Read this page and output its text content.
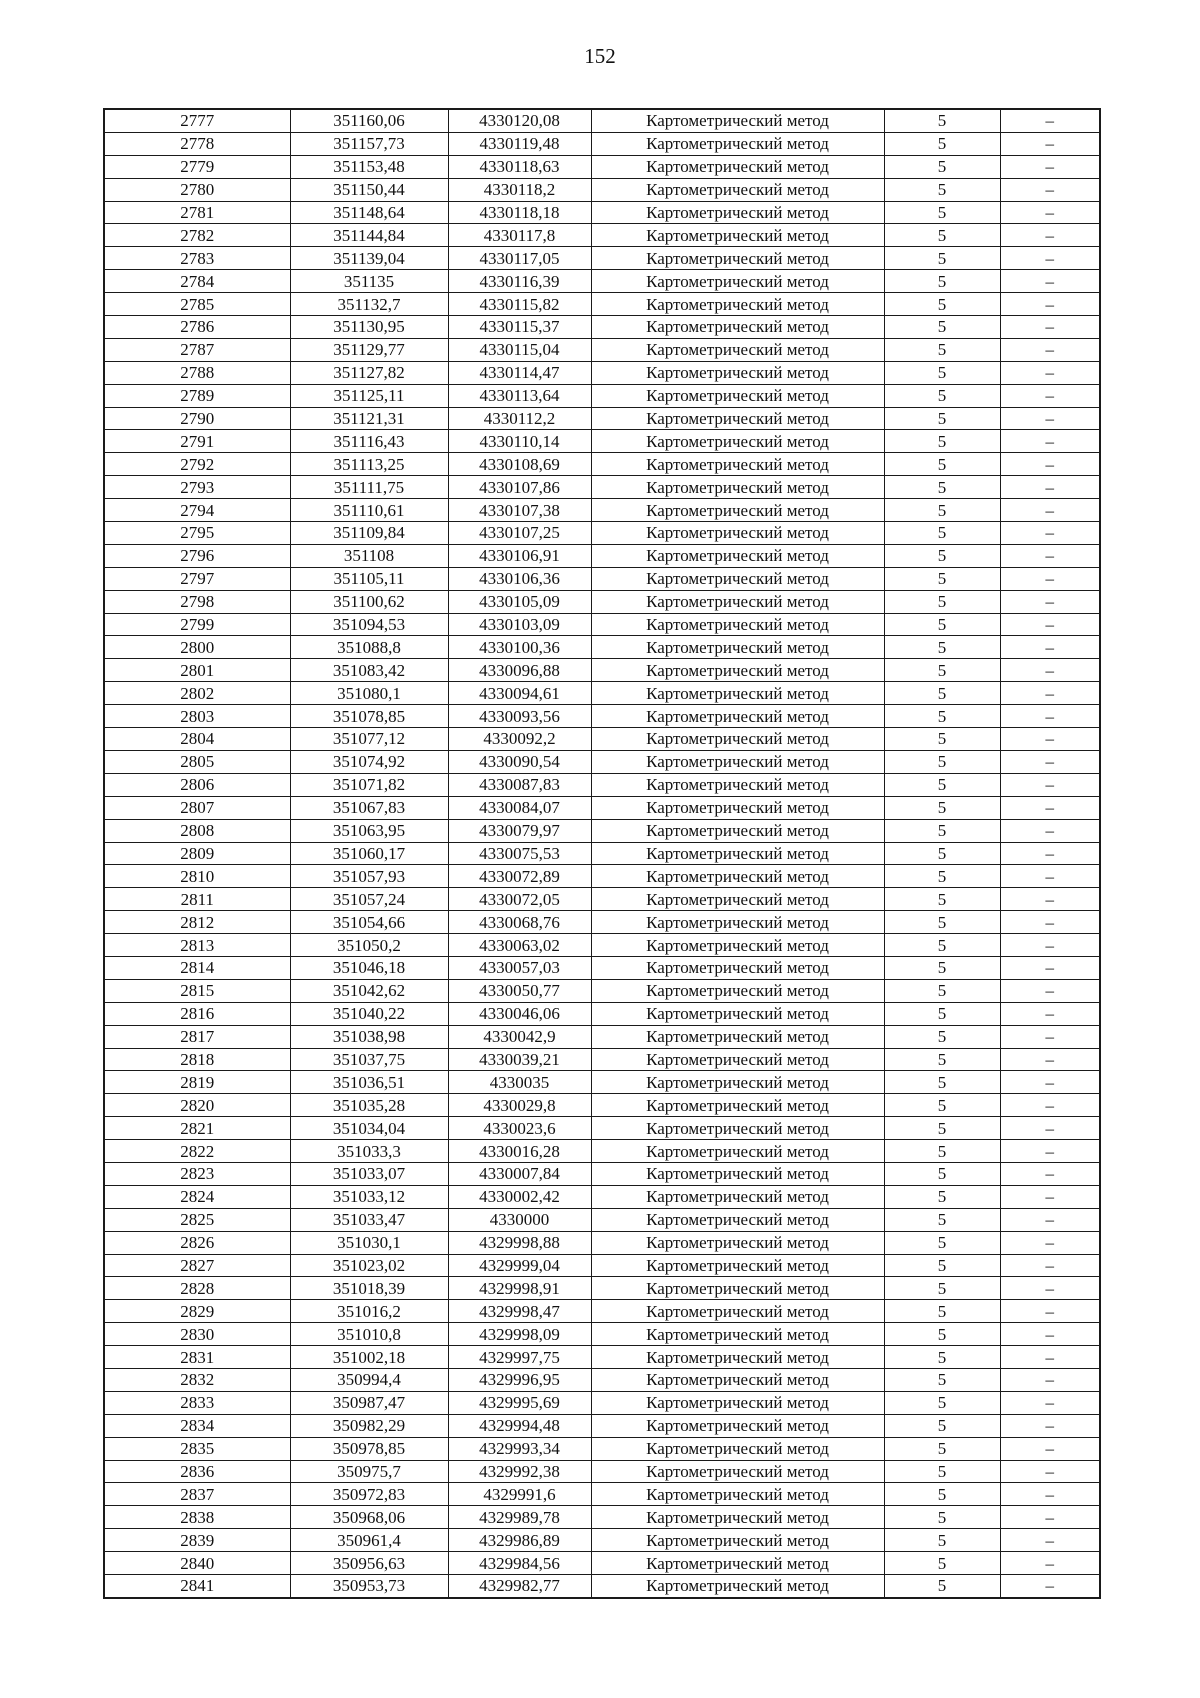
152
2777	351160,06	4330120,08	Картометрический метод	5	–
2778	351157,73	4330119,48	Картометрический метод	5	–
2779	351153,48	4330118,63	Картометрический метод	5	–
2780	351150,44	4330118,2	Картометрический метод	5	–
2781	351148,64	4330118,18	Картометрический метод	5	–
2782	351144,84	4330117,8	Картометрический метод	5	–
2783	351139,04	4330117,05	Картометрический метод	5	–
2784	351135	4330116,39	Картометрический метод	5	–
2785	351132,7	4330115,82	Картометрический метод	5	–
2786	351130,95	4330115,37	Картометрический метод	5	–
2787	351129,77	4330115,04	Картометрический метод	5	–
2788	351127,82	4330114,47	Картометрический метод	5	–
2789	351125,11	4330113,64	Картометрический метод	5	–
2790	351121,31	4330112,2	Картометрический метод	5	–
2791	351116,43	4330110,14	Картометрический метод	5	–
2792	351113,25	4330108,69	Картометрический метод	5	–
2793	351111,75	4330107,86	Картометрический метод	5	–
2794	351110,61	4330107,38	Картометрический метод	5	–
2795	351109,84	4330107,25	Картометрический метод	5	–
2796	351108	4330106,91	Картометрический метод	5	–
2797	351105,11	4330106,36	Картометрический метод	5	–
2798	351100,62	4330105,09	Картометрический метод	5	–
2799	351094,53	4330103,09	Картометрический метод	5	–
2800	351088,8	4330100,36	Картометрический метод	5	–
2801	351083,42	4330096,88	Картометрический метод	5	–
2802	351080,1	4330094,61	Картометрический метод	5	–
2803	351078,85	4330093,56	Картометрический метод	5	–
2804	351077,12	4330092,2	Картометрический метод	5	–
2805	351074,92	4330090,54	Картометрический метод	5	–
2806	351071,82	4330087,83	Картометрический метод	5	–
2807	351067,83	4330084,07	Картометрический метод	5	–
2808	351063,95	4330079,97	Картометрический метод	5	–
2809	351060,17	4330075,53	Картометрический метод	5	–
2810	351057,93	4330072,89	Картометрический метод	5	–
2811	351057,24	4330072,05	Картометрический метод	5	–
2812	351054,66	4330068,76	Картометрический метод	5	–
2813	351050,2	4330063,02	Картометрический метод	5	–
2814	351046,18	4330057,03	Картометрический метод	5	–
2815	351042,62	4330050,77	Картометрический метод	5	–
2816	351040,22	4330046,06	Картометрический метод	5	–
2817	351038,98	4330042,9	Картометрический метод	5	–
2818	351037,75	4330039,21	Картометрический метод	5	–
2819	351036,51	4330035	Картометрический метод	5	–
2820	351035,28	4330029,8	Картометрический метод	5	–
2821	351034,04	4330023,6	Картометрический метод	5	–
2822	351033,3	4330016,28	Картометрический метод	5	–
2823	351033,07	4330007,84	Картометрический метод	5	–
2824	351033,12	4330002,42	Картометрический метод	5	–
2825	351033,47	4330000	Картометрический метод	5	–
2826	351030,1	4329998,88	Картометрический метод	5	–
2827	351023,02	4329999,04	Картометрический метод	5	–
2828	351018,39	4329998,91	Картометрический метод	5	–
2829	351016,2	4329998,47	Картометрический метод	5	–
2830	351010,8	4329998,09	Картометрический метод	5	–
2831	351002,18	4329997,75	Картометрический метод	5	–
2832	350994,4	4329996,95	Картометрический метод	5	–
2833	350987,47	4329995,69	Картометрический метод	5	–
2834	350982,29	4329994,48	Картометрический метод	5	–
2835	350978,85	4329993,34	Картометрический метод	5	–
2836	350975,7	4329992,38	Картометрический метод	5	–
2837	350972,83	4329991,6	Картометрический метод	5	–
2838	350968,06	4329989,78	Картометрический метод	5	–
2839	350961,4	4329986,89	Картометрический метод	5	–
2840	350956,63	4329984,56	Картометрический метод	5	–
2841	350953,73	4329982,77	Картометрический метод	5	–
